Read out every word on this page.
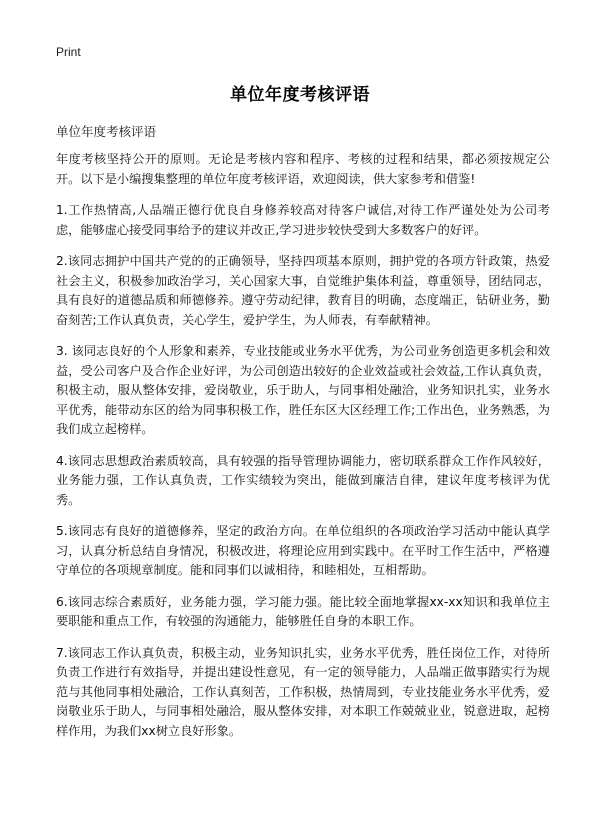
Print
单位年度考核评语
单位年度考核评语

年度考核坚持公开的原则。无论是考核内容和程序、考核的过程和结果，都必须按规定公开。以下是小编搜集整理的单位年度考核评语，欢迎阅读，供大家参考和借鉴!

1.工作热情高,人品端正德行优良自身修养较高对待客户诚信,对待工作严谨处处为公司考虑，能够虚心接受同事给予的建议并改正,学习进步较快受到大多数客户的好评。

2.该同志拥护中国共产党的的正确领导，坚持四项基本原则，拥护党的各项方针政策，热爱社会主义，积极参加政治学习，关心国家大事，自觉维护集体利益，尊重领导，团结同志，具有良好的道德品质和师德修养。遵守劳动纪律，教育目的明确，态度端正，钻研业务，勤奋刻苦;工作认真负责，关心学生，爱护学生，为人师表，有奉献精神。

3. 该同志良好的个人形象和素养，专业技能或业务水平优秀，为公司业务创造更多机会和效益，受公司客户及合作企业好评，为公司创造出较好的企业效益或社会效益,工作认真负责，积极主动，服从整体安排，爱岗敬业，乐于助人，与同事相处融洽，业务知识扎实，业务水平优秀，能带动东区的给为同事积极工作，胜任东区大区经理工作;工作出色，业务熟悉，为我们成立起榜样。

4.该同志思想政治素质较高，具有较强的指导管理协调能力，密切联系群众工作作风较好，业务能力强，工作认真负责，工作实绩较为突出，能做到廉洁自律，建议年度考核评为优秀。

5.该同志有良好的道德修养，坚定的政治方向。在单位组织的各项政治学习活动中能认真学习，认真分析总结自身情况，积极改进，将理论应用到实践中。在平时工作生活中，严格遵守单位的各项规章制度。能和同事们以诚相待，和睦相处，互相帮助。

6.该同志综合素质好，业务能力强，学习能力强。能比较全面地掌握xx-xx知识和我单位主要职能和重点工作，有较强的沟通能力，能够胜任自身的本职工作。

7.该同志工作认真负责，积极主动，业务知识扎实，业务水平优秀，胜任岗位工作，对待所负责工作进行有效指导，并提出建设性意见，有一定的领导能力，人品端正做事踏实行为规范与其他同事相处融洽，工作认真刻苦，工作积极，热情周到，专业技能业务水平优秀，爱岗敬业乐于助人，与同事相处融洽，服从整体安排，对本职工作兢兢业业，锐意进取，起榜样作用，为我们xx树立良好形象。
